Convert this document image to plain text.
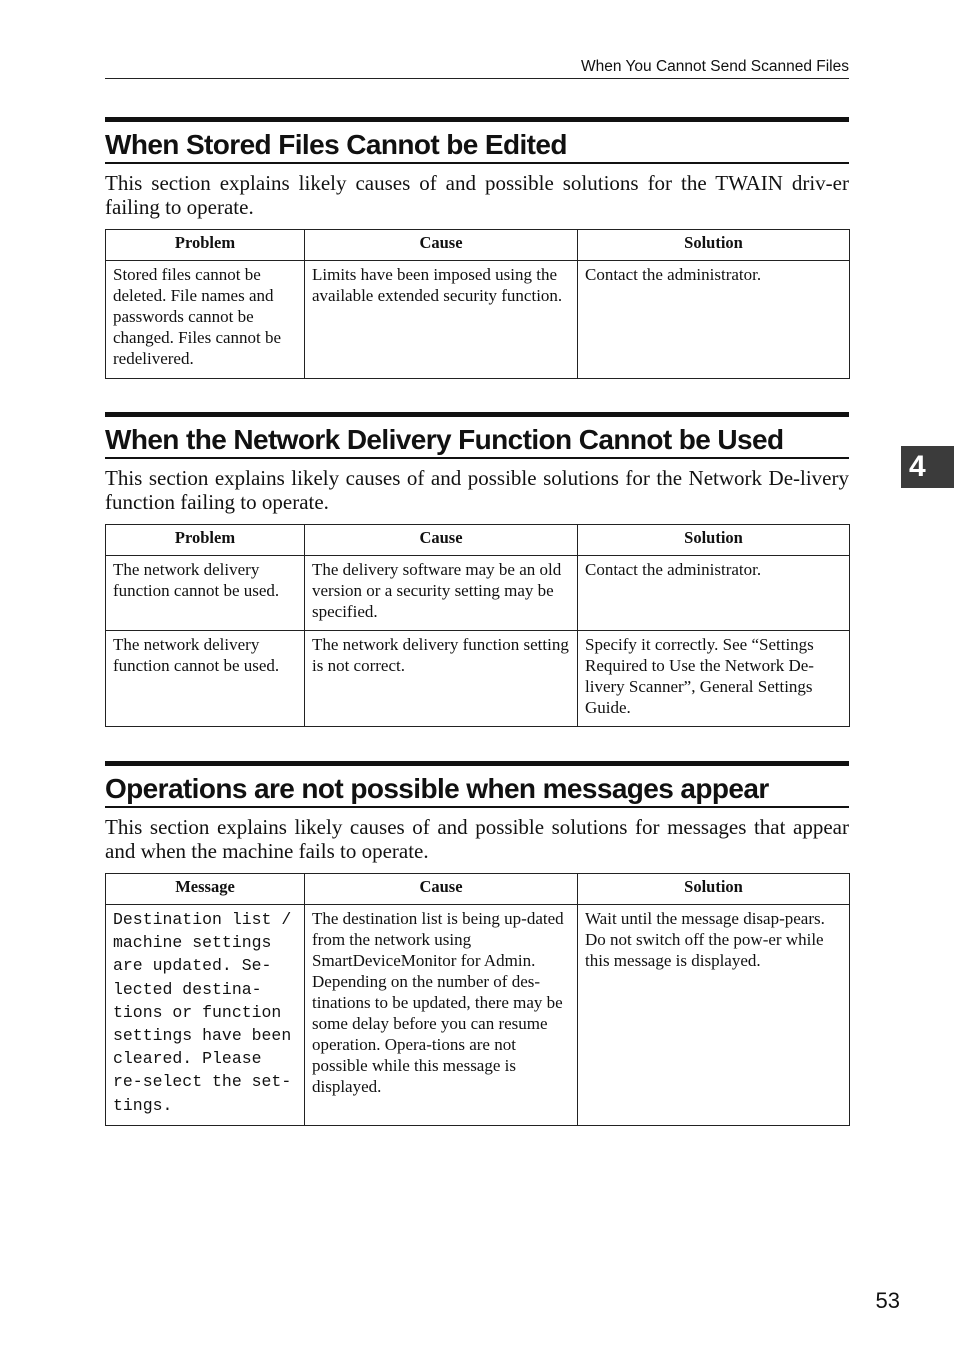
When You Cannot Send Scanned Files
4
When Stored Files Cannot be Edited

This section explains likely causes of and possible solutions for the TWAIN driv-er failing to operate.

Problem	Cause	Solution
Stored files cannot be deleted. File names and passwords cannot be changed. Files cannot be redelivered.	Limits have been imposed using the available extended security function.	Contact the administrator.
When the Network Delivery Function Cannot be Used

This section explains likely causes of and possible solutions for the Network De-livery function failing to operate.

Problem	Cause	Solution
The network delivery function cannot be used.	The delivery software may be an old version or a security setting may be specified.	Contact the administrator.
The network delivery function cannot be used.	The network delivery function setting is not correct.	Specify it correctly. See “Settings Required to Use the Network De-livery Scanner”, General Settings Guide.
Operations are not possible when messages appear

This section explains likely causes of and possible solutions for messages that appear and when the machine fails to operate.

Message	Cause	Solution
Destination list / machine settings are updated. Se-lected destina-tions or function settings have been cleared. Please re-select the set-tings.	The destination list is being up-dated from the network using SmartDeviceMonitor for Admin. Depending on the number of des-tinations to be updated, there may be some delay before you can resume operation. Opera-tions are not possible while this message is displayed.	Wait until the message disap-pears. Do not switch off the pow-er while this message is displayed.
53
